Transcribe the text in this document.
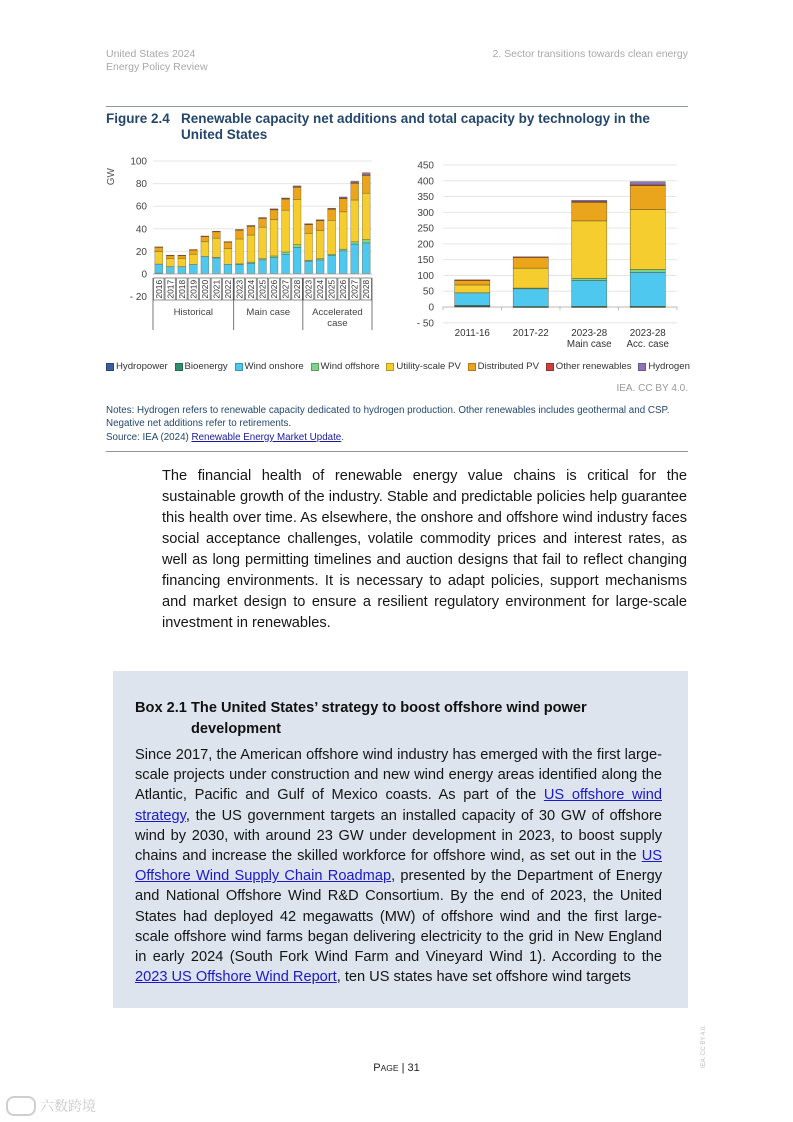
United States 2024
Energy Policy Review
2. Sector transitions towards clean energy
Figure 2.4 Renewable capacity net additions and total capacity by technology in the United States
GW
- 20
0
20
40
60
80
100
2016 2017 2018 2019 2020 2021 2022 2023 2024 2025 2026 2027 2028 2023 2024 2025 2026 2027 2028
Historical	Main case Accelerated
case	- 50
0
50
100
150
200
250
300
350
400
450
2011-16 2017-22 2023-28
Main case
2023-28
Acc. case
Hydropower Bioenergy Wind onshore Wind offshore Utility-scale PV Distributed PV Other renewables Hydrogen
IEA. CC BY 4.0.
Notes: Hydrogen refers to renewable capacity dedicated to hydrogen production. Other renewables includes geothermal and CSP. Negative net additions refer to retirements.
Source: IEA (2024) Renewable Energy Market Update.
The financial health of renewable energy value chains is critical for the sustainable growth of the industry. Stable and predictable policies help guarantee this health over time. As elsewhere, the onshore and offshore wind industry faces social acceptance challenges, volatile commodity prices and interest rates, as well as long permitting timelines and auction designs that fail to reflect changing financing environments. It is necessary to adapt policies, support mechanisms and market design to ensure a resilient regulatory environment for large-scale investment in renewables.
Box 2.1 The United States’ strategy to boost offshore wind power
development
Since 2017, the American offshore wind industry has emerged with the first large-scale projects under construction and new wind energy areas identified along the Atlantic, Pacific and Gulf of Mexico coasts. As part of the US offshore wind strategy, the US government targets an installed capacity of 30 GW of offshore wind by 2030, with around 23 GW under development in 2023, to boost supply chains and increase the skilled workforce for offshore wind, as set out in the US Offshore Wind Supply Chain Roadmap, presented by the Department of Energy and National Offshore Wind R&D Consortium. By the end of 2023, the United States had deployed 42 megawatts (MW) of offshore wind and the first large-scale offshore wind farms began delivering electricity to the grid in New England in early 2024 (South Fork Wind Farm and Vineyard Wind 1). According to the 2023 US Offshore Wind Report, ten US states have set offshore wind targets
PAGE | 31	IEA. CC BY 4.0.
六数跨境
